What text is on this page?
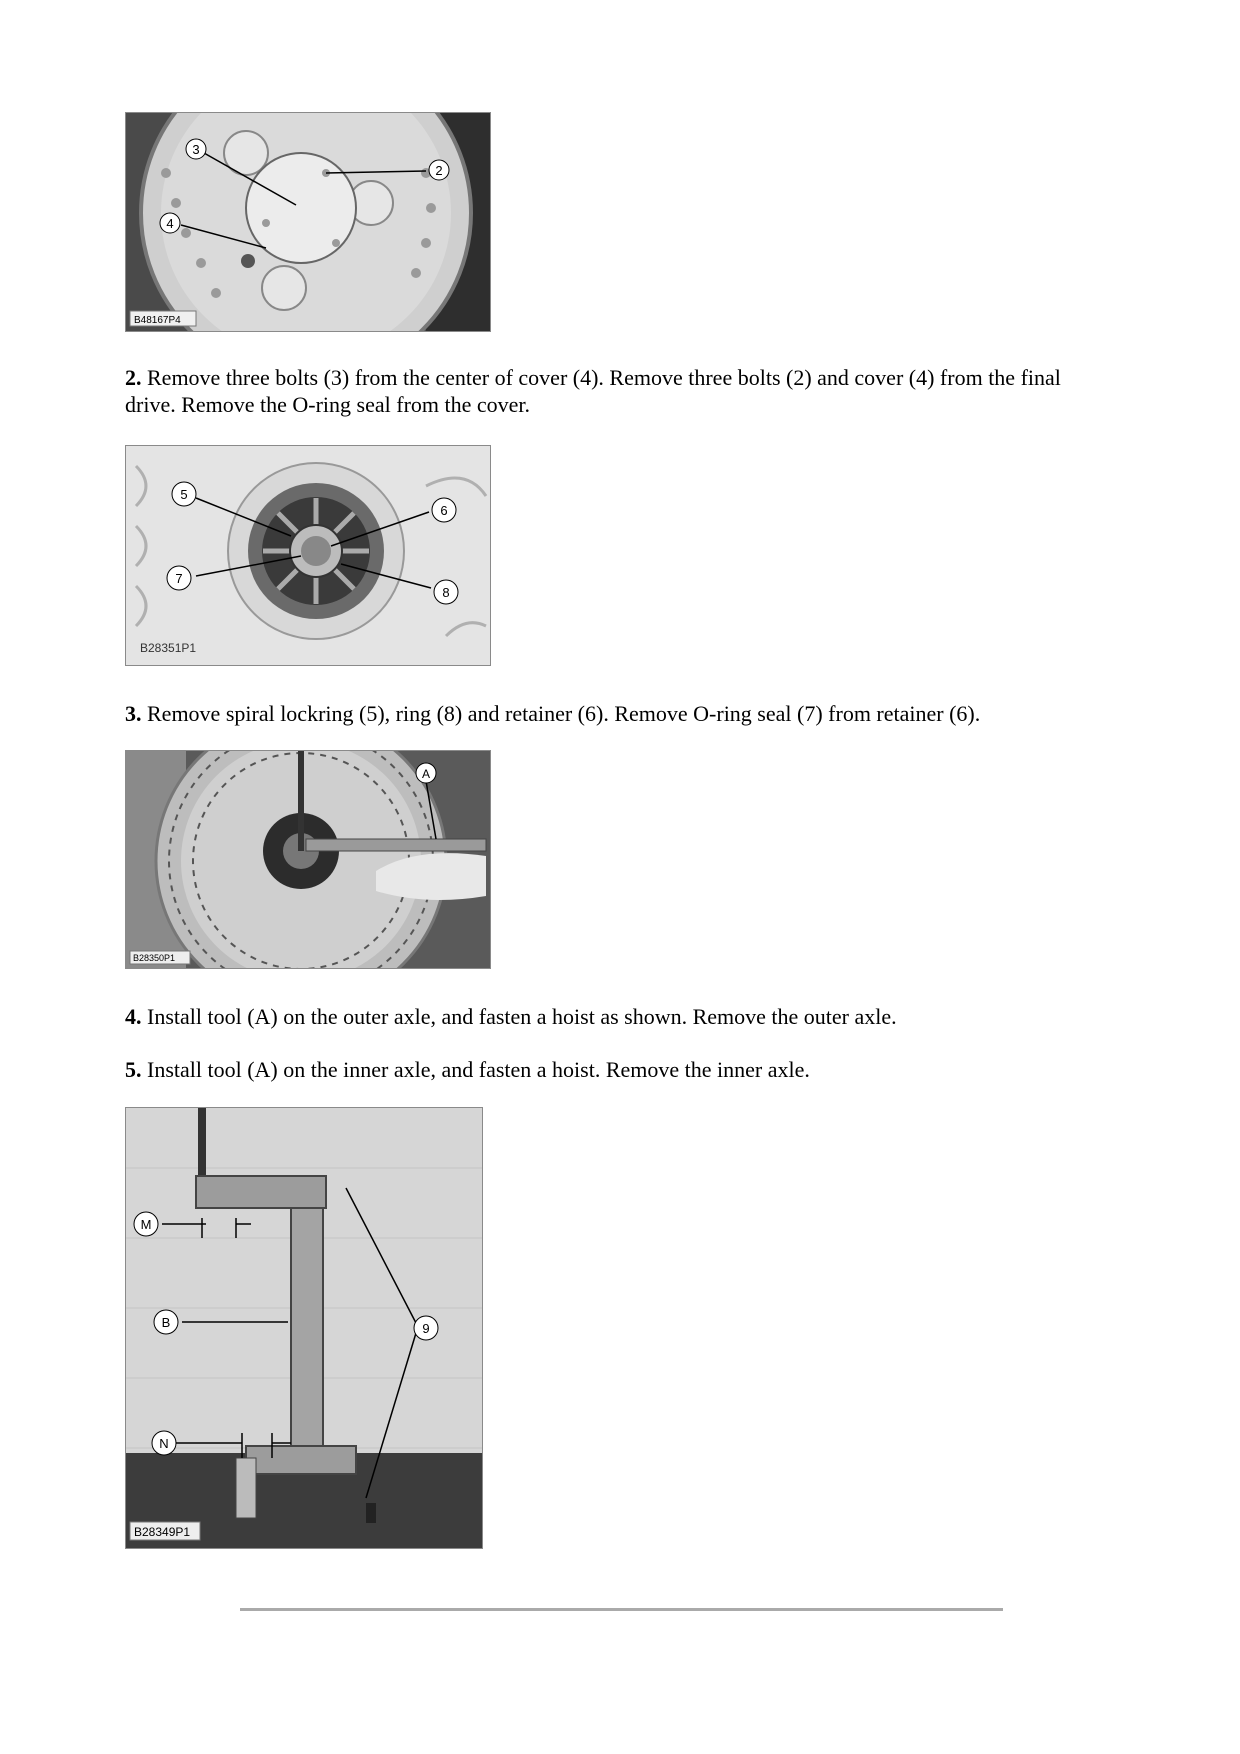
3
2
4
B48167P4

2. Remove three bolts (3) from the center of cover (4). Remove three bolts (2) and cover (4) from the final drive. Remove the O-ring seal from the cover.

5
6
7
8
B28351P1

3. Remove spiral lockring (5), ring (8) and retainer (6). Remove O-ring seal (7) from retainer (6).

A
B28350P1

4. Install tool (A) on the outer axle, and fasten a hoist as shown. Remove the outer axle.

5. Install tool (A) on the inner axle, and fasten a hoist. Remove the inner axle.

M
B	9
N
B28349P1
